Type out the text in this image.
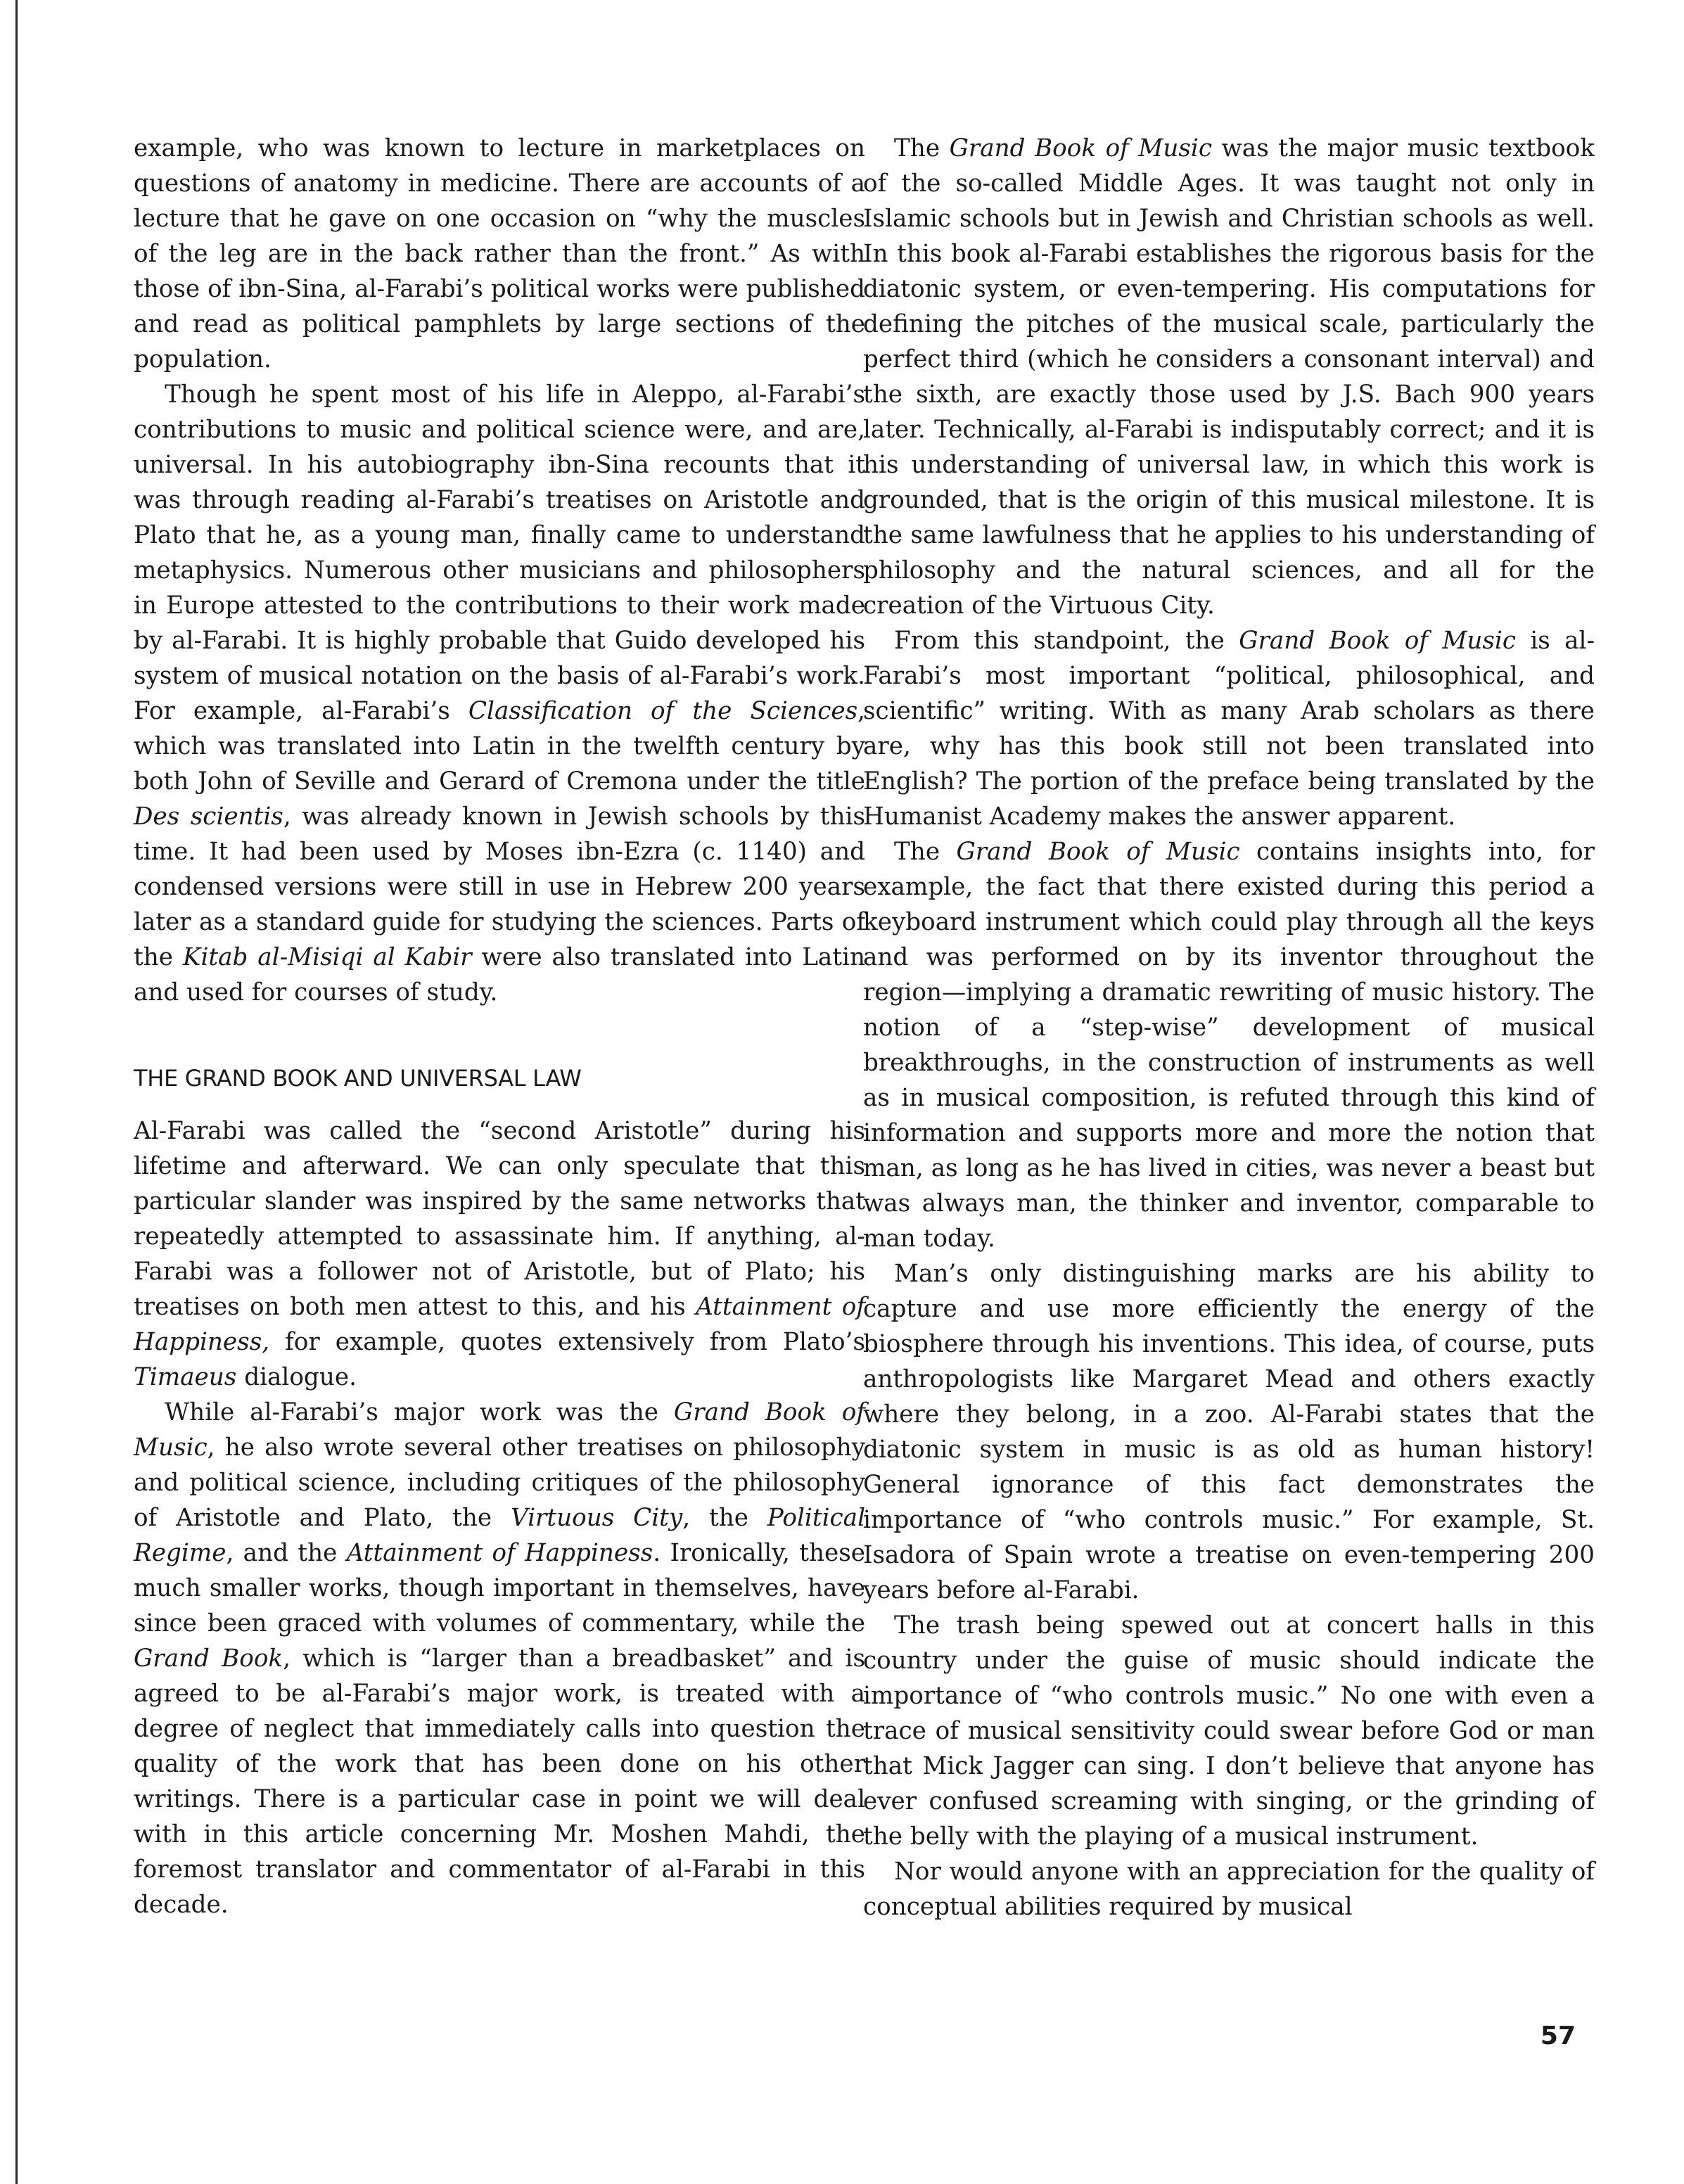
example, who was known to lecture in marketplaces on questions of anatomy in medicine. There are accounts of a lecture that he gave on one occasion on “why the muscles of the leg are in the back rather than the front.” As with those of ibn-Sina, al-Farabi’s political works were published and read as political pamphlets by large sections of the population.

Though he spent most of his life in Aleppo, al-Farabi’s contributions to music and political science were, and are, universal. In his autobiography ibn-Sina recounts that it was through reading al-Farabi’s treatises on Aristotle and Plato that he, as a young man, finally came to understand metaphysics. Numerous other musicians and philosophers in Europe attested to the contributions to their work made by al-Farabi. It is highly probable that Guido developed his system of musical notation on the basis of al-Farabi’s work. For example, al-Farabi’s Classification of the Sciences, which was translated into Latin in the twelfth century by both John of Seville and Gerard of Cremona under the title Des scientis, was already known in Jewish schools by this time. It had been used by Moses ibn-Ezra (c. 1140) and condensed versions were still in use in Hebrew 200 years later as a standard guide for studying the sciences. Parts of the Kitab al-Misiqi al Kabir were also translated into Latin and used for courses of study.

THE GRAND BOOK AND UNIVERSAL LAW

Al-Farabi was called the “second Aristotle” during his lifetime and afterward. We can only speculate that this particular slander was inspired by the same networks that repeatedly attempted to assassinate him. If anything, al-Farabi was a follower not of Aristotle, but of Plato; his treatises on both men attest to this, and his Attainment of Happiness, for example, quotes extensively from Plato’s Timaeus dialogue.

While al-Farabi’s major work was the Grand Book of Music, he also wrote several other treatises on philosophy and political science, including critiques of the philosophy of Aristotle and Plato, the Virtuous City, the Political Regime, and the Attainment of Happiness. Ironically, these much smaller works, though important in themselves, have since been graced with volumes of commentary, while the Grand Book, which is “larger than a breadbasket” and is agreed to be al-Farabi’s major work, is treated with a degree of neglect that immediately calls into question the quality of the work that has been done on his other writings. There is a particular case in point we will deal with in this article concerning Mr. Moshen Mahdi, the foremost translator and commentator of al-Farabi in this decade.

The Grand Book of Music was the major music textbook of the so-called Middle Ages. It was taught not only in Islamic schools but in Jewish and Christian schools as well. In this book al-Farabi establishes the rigorous basis for the diatonic system, or even-tempering. His computations for defining the pitches of the musical scale, particularly the perfect third (which he considers a consonant interval) and the sixth, are exactly those used by J.S. Bach 900 years later. Technically, al-Farabi is indisputably correct; and it is his understanding of universal law, in which this work is grounded, that is the origin of this musical milestone. It is the same lawfulness that he applies to his understanding of philosophy and the natural sciences, and all for the creation of the Virtuous City.

From this standpoint, the Grand Book of Music is al-Farabi’s most important “political, philosophical, and scientific” writing. With as many Arab scholars as there are, why has this book still not been translated into English? The portion of the preface being translated by the Humanist Academy makes the answer apparent.

The Grand Book of Music contains insights into, for example, the fact that there existed during this period a keyboard instrument which could play through all the keys and was performed on by its inventor throughout the region—implying a dramatic rewriting of music history. The notion of a “step-wise” development of musical breakthroughs, in the construction of instruments as well as in musical composition, is refuted through this kind of information and supports more and more the notion that man, as long as he has lived in cities, was never a beast but was always man, the thinker and inventor, comparable to man today.

Man’s only distinguishing marks are his ability to capture and use more efficiently the energy of the biosphere through his inventions. This idea, of course, puts anthropologists like Margaret Mead and others exactly where they belong, in a zoo. Al-Farabi states that the diatonic system in music is as old as human history! General ignorance of this fact demonstrates the importance of “who controls music.” For example, St. Isadora of Spain wrote a treatise on even-tempering 200 years before al-Farabi.

The trash being spewed out at concert halls in this country under the guise of music should indicate the importance of “who controls music.” No one with even a trace of musical sensitivity could swear before God or man that Mick Jagger can sing. I don’t believe that anyone has ever confused screaming with singing, or the grinding of the belly with the playing of a musical instrument.

Nor would anyone with an appreciation for the quality of conceptual abilities required by musical

57
